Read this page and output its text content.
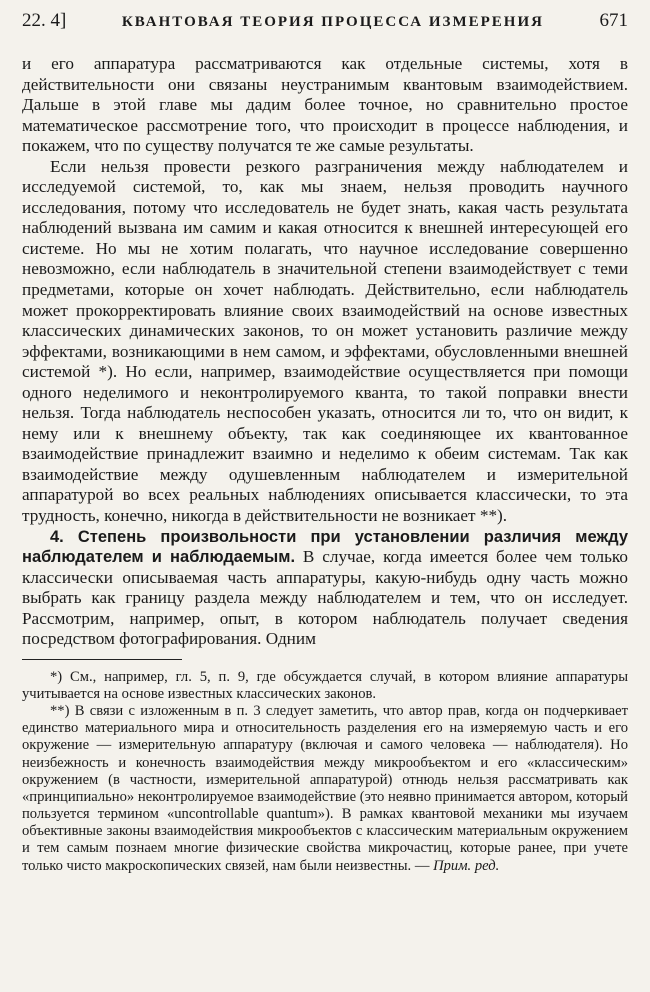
22. 4]	КВАНТОВАЯ ТЕОРИЯ ПРОЦЕССА ИЗМЕРЕНИЯ	671

и его аппаратура рассматриваются как отдельные системы, хотя в действительности они связаны неустранимым квантовым взаимодействием. Дальше в этой главе мы дадим более точное, но сравнительно простое математическое рассмотрение того, что происходит в процессе наблюдения, и покажем, что по существу получатся те же самые результаты.

Если нельзя провести резкого разграничения между наблюдателем и исследуемой системой, то, как мы знаем, нельзя проводить научного исследования, потому что исследователь не будет знать, какая часть результата наблюдений вызвана им самим и какая относится к внешней интересующей его системе. Но мы не хотим полагать, что научное исследование совершенно невозможно, если наблюдатель в значительной степени взаимодействует с теми предметами, которые он хочет наблюдать. Действительно, если наблюдатель может прокорректировать влияние своих взаимодействий на основе известных классических динамических законов, то он может установить различие между эффектами, возникающими в нем самом, и эффектами, обусловленными внешней системой *). Но если, например, взаимодействие осуществляется при помощи одного неделимого и неконтролируемого кванта, то такой поправки внести нельзя. Тогда наблюдатель неспособен указать, относится ли то, что он видит, к нему или к внешнему объекту, так как соединяющее их квантованное взаимодействие принадлежит взаимно и неделимо к обеим системам. Так как взаимодействие между одушевленным наблюдателем и измерительной аппаратурой во всех реальных наблюдениях описывается классически, то эта трудность, конечно, никогда в действительности не возникает **).

4. Степень произвольности при установлении различия между наблюдателем и наблюдаемым. В случае, когда имеется более чем только классически описываемая часть аппаратуры, какую-нибудь одну часть можно выбрать как границу раздела между наблюдателем и тем, что он исследует. Рассмотрим, например, опыт, в котором наблюдатель получает сведения посредством фотографирования. Одним

*) См., например, гл. 5, п. 9, где обсуждается случай, в котором влияние аппаратуры учитывается на основе известных классических законов.

**) В связи с изложенным в п. 3 следует заметить, что автор прав, когда он подчеркивает единство материального мира и относительность разделения его на измеряемую часть и его окружение — измерительную аппаратуру (включая и самого человека — наблюдателя). Но неизбежность и конечность взаимодействия между микрообъектом и его «классическим» окружением (в частности, измерительной аппаратурой) отнюдь нельзя рассматривать как «принципиально» неконтролируемое взаимодействие (это неявно принимается автором, который пользуется термином «uncontrollable quantum»). В рамках квантовой механики мы изучаем объективные законы взаимодействия микрообъектов с классическим материальным окружением и тем самым познаем многие физические свойства микрочастиц, которые ранее, при учете только чисто макроскопических связей, нам были неизвестны. — Прим. ред.
